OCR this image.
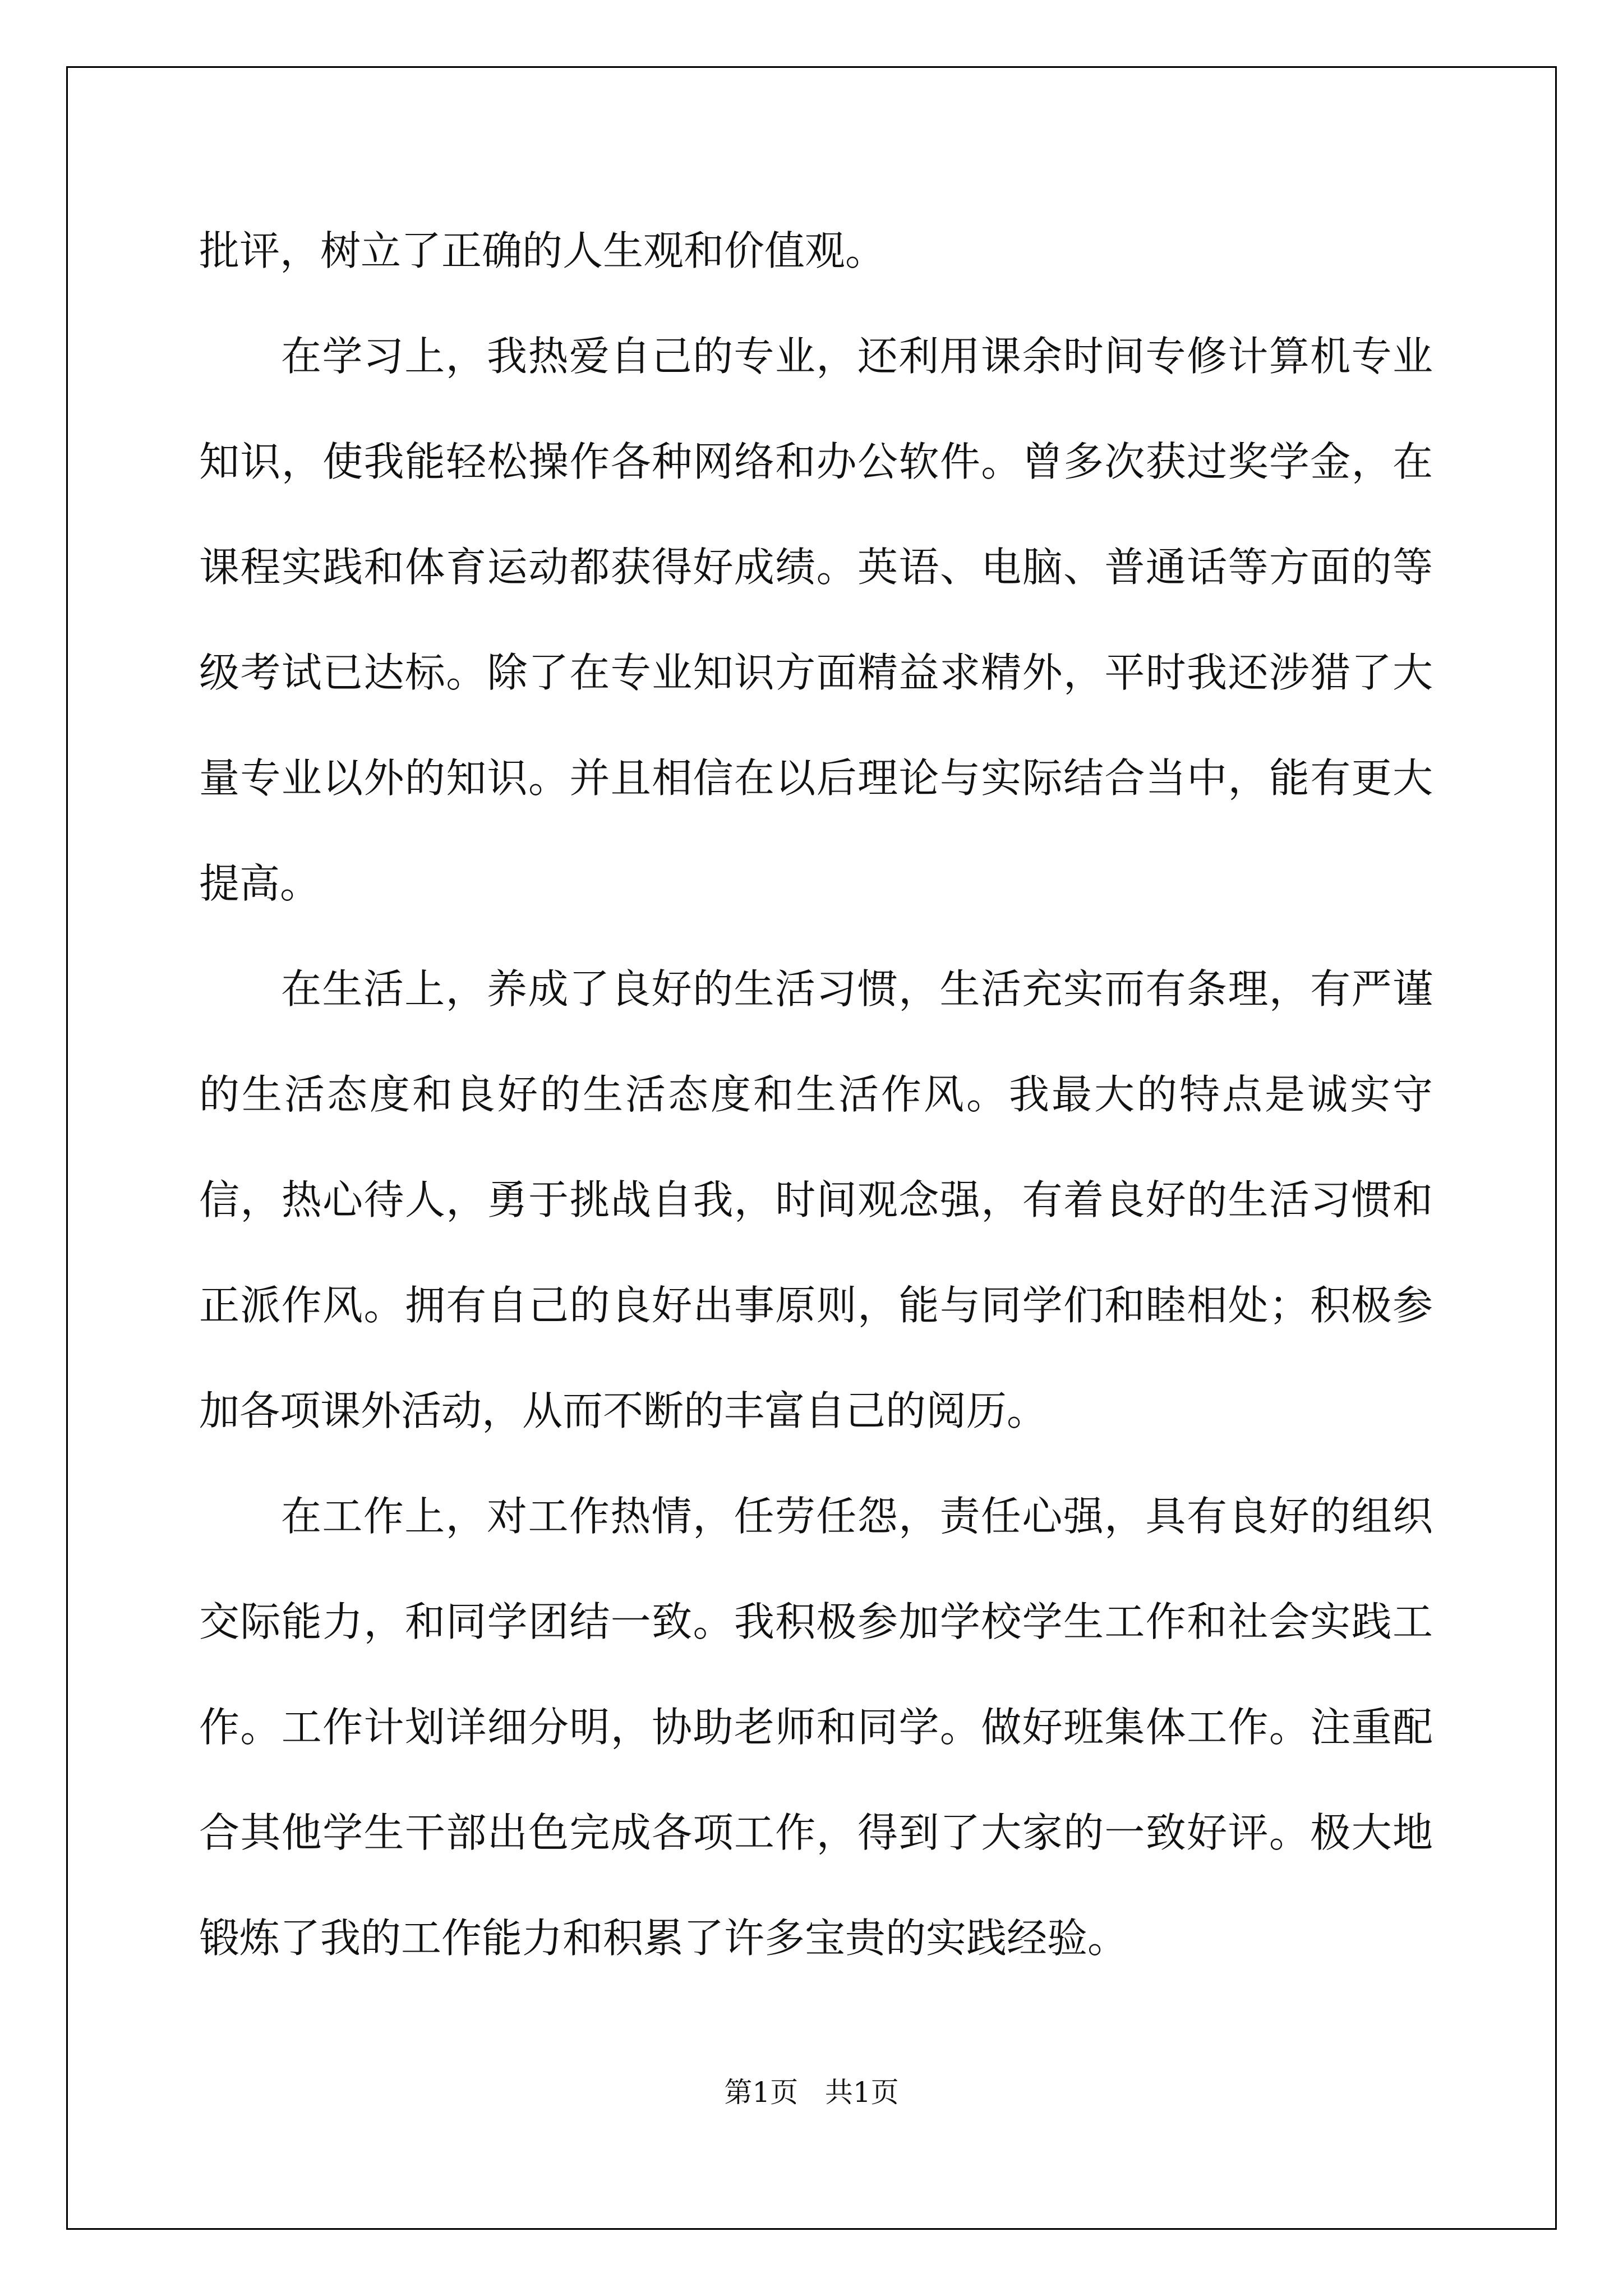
批评，树立了正确的人生观和价值观。

在学习上，我热爱自己的专业，还利用课余时间专修计算机专业知识，使我能轻松操作各种网络和办公软件。曾多次获过奖学金，在课程实践和体育运动都获得好成绩。英语、电脑、普通话等方面的等级考试已达标。除了在专业知识方面精益求精外，平时我还涉猎了大量专业以外的知识。并且相信在以后理论与实际结合当中，能有更大提高。

在生活上，养成了良好的生活习惯，生活充实而有条理，有严谨的生活态度和良好的生活态度和生活作风。我最大的特点是诚实守信，热心待人，勇于挑战自我，时间观念强，有着良好的生活习惯和正派作风。拥有自己的良好出事原则，能与同学们和睦相处；积极参加各项课外活动，从而不断的丰富自己的阅历。

在工作上，对工作热情，任劳任怨，责任心强，具有良好的组织交际能力，和同学团结一致。我积极参加学校学生工作和社会实践工作。工作计划详细分明，协助老师和同学。做好班集体工作。注重配合其他学生干部出色完成各项工作，得到了大家的一致好评。极大地锻炼了我的工作能力和积累了许多宝贵的实践经验。

第1页   共1页
